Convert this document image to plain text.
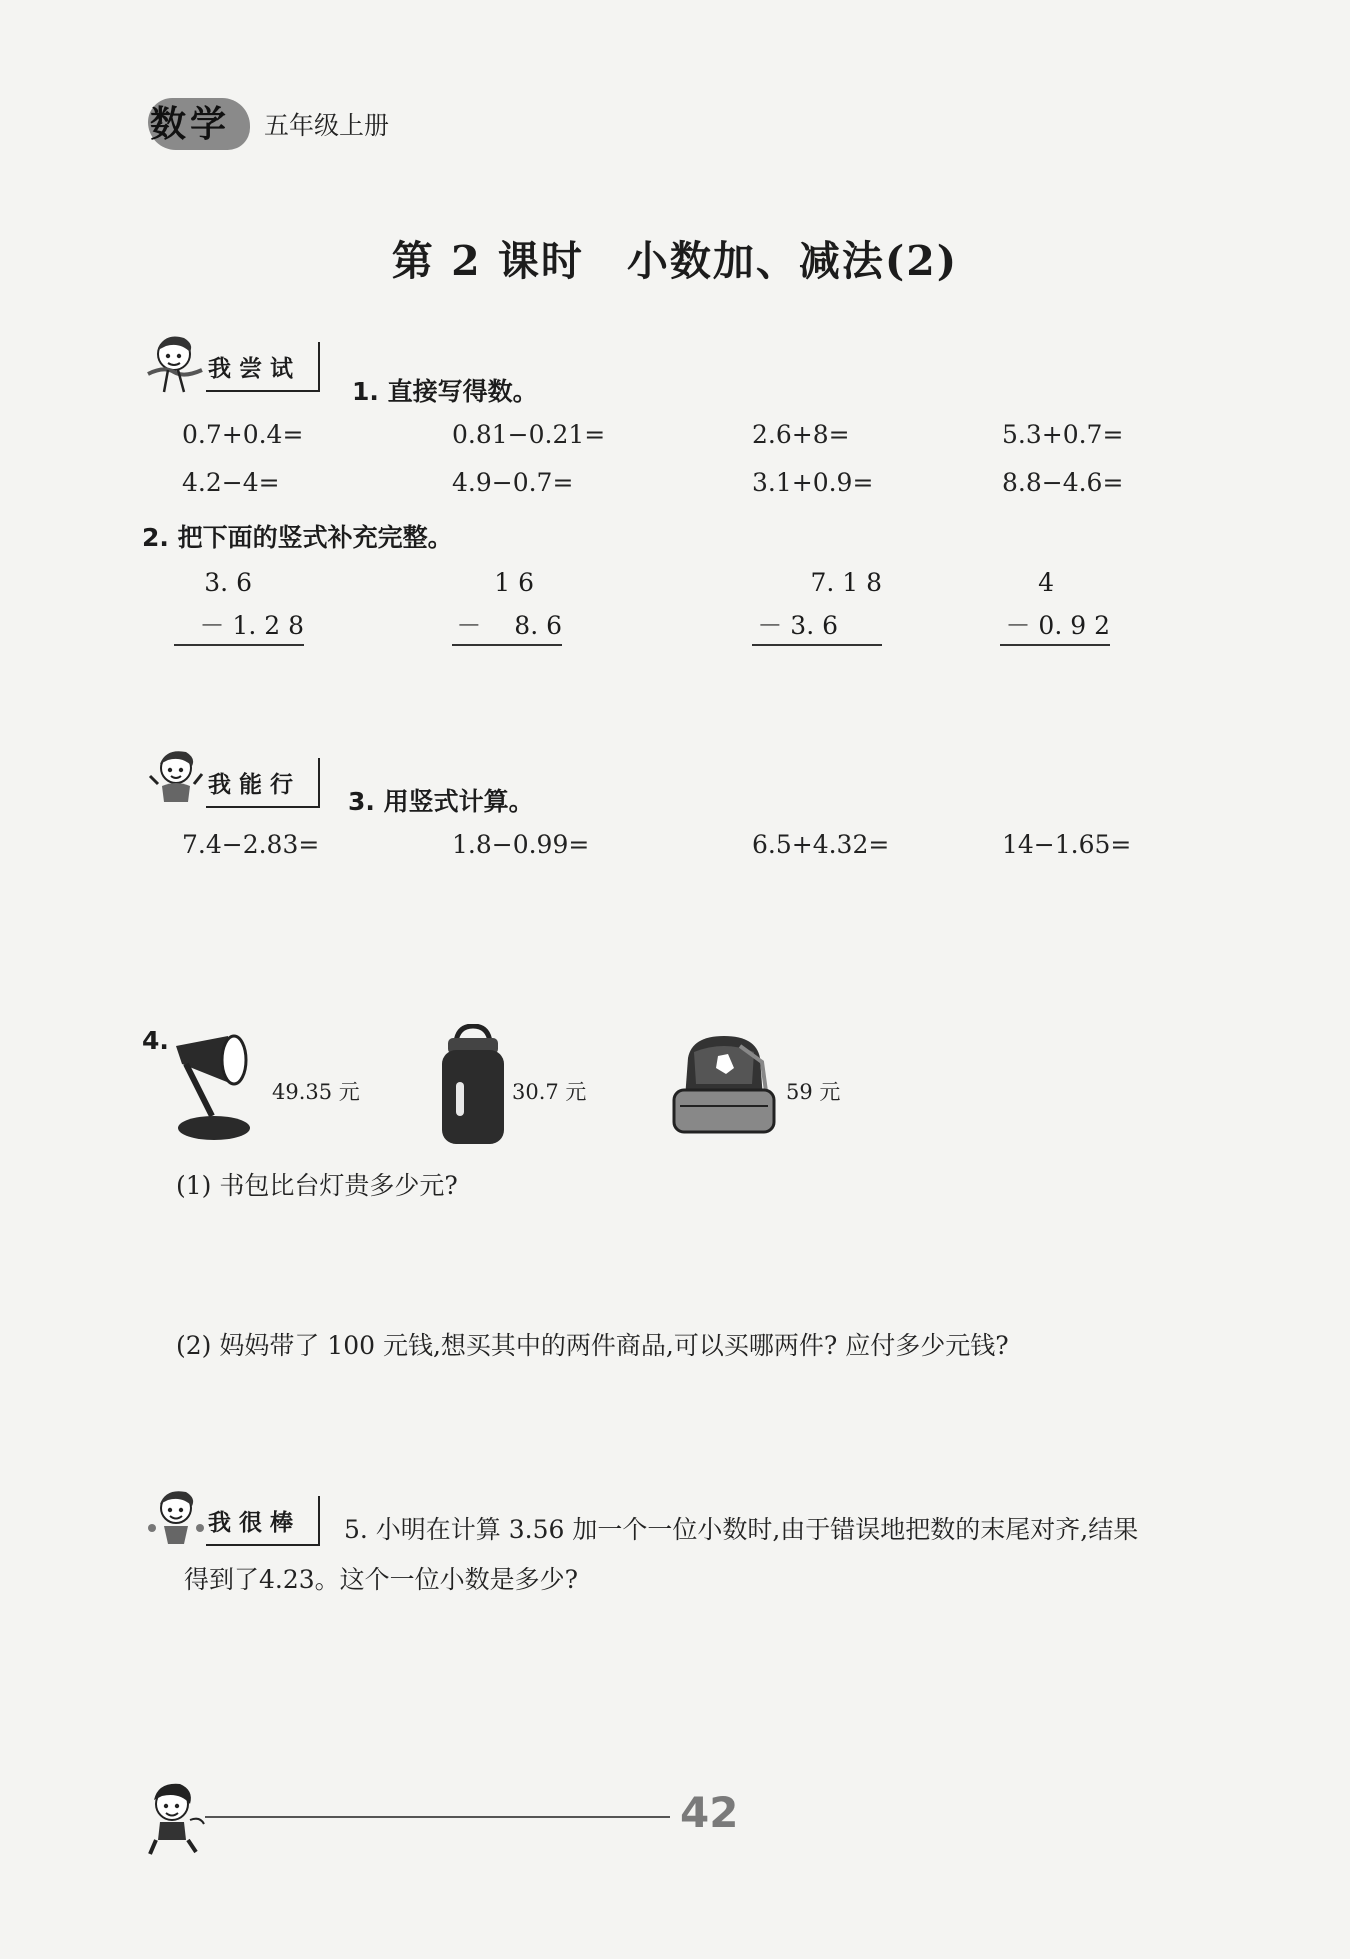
数学 五年级上册
第 2 课时　小数加、减法(2)
我尝试
1. 直接写得数。
0.7+0.4=	0.81−0.21=	2.6+8=	5.3+0.7=
4.2−4=	4.9−0.7=	3.1+0.9=	8.8−4.6=
2. 把下面的竖式补充完整。
3. 6
－ 1. 2 8
1 6
－ 　8. 6
7. 1 8
－ 3. 6
4
－ 0. 9 2
我能行
3. 用竖式计算。
7.4−2.83=	1.8−0.99=	6.5+4.32=	14−1.65=
4.
49.35 元	30.7 元	59 元
(1) 书包比台灯贵多少元?
(2) 妈妈带了 100 元钱,想买其中的两件商品,可以买哪两件? 应付多少元钱?
我很棒 5. 小明在计算 3.56 加一个一位小数时,由于错误地把数的末尾对齐,结果
得到了4.23。这个一位小数是多少?
42
